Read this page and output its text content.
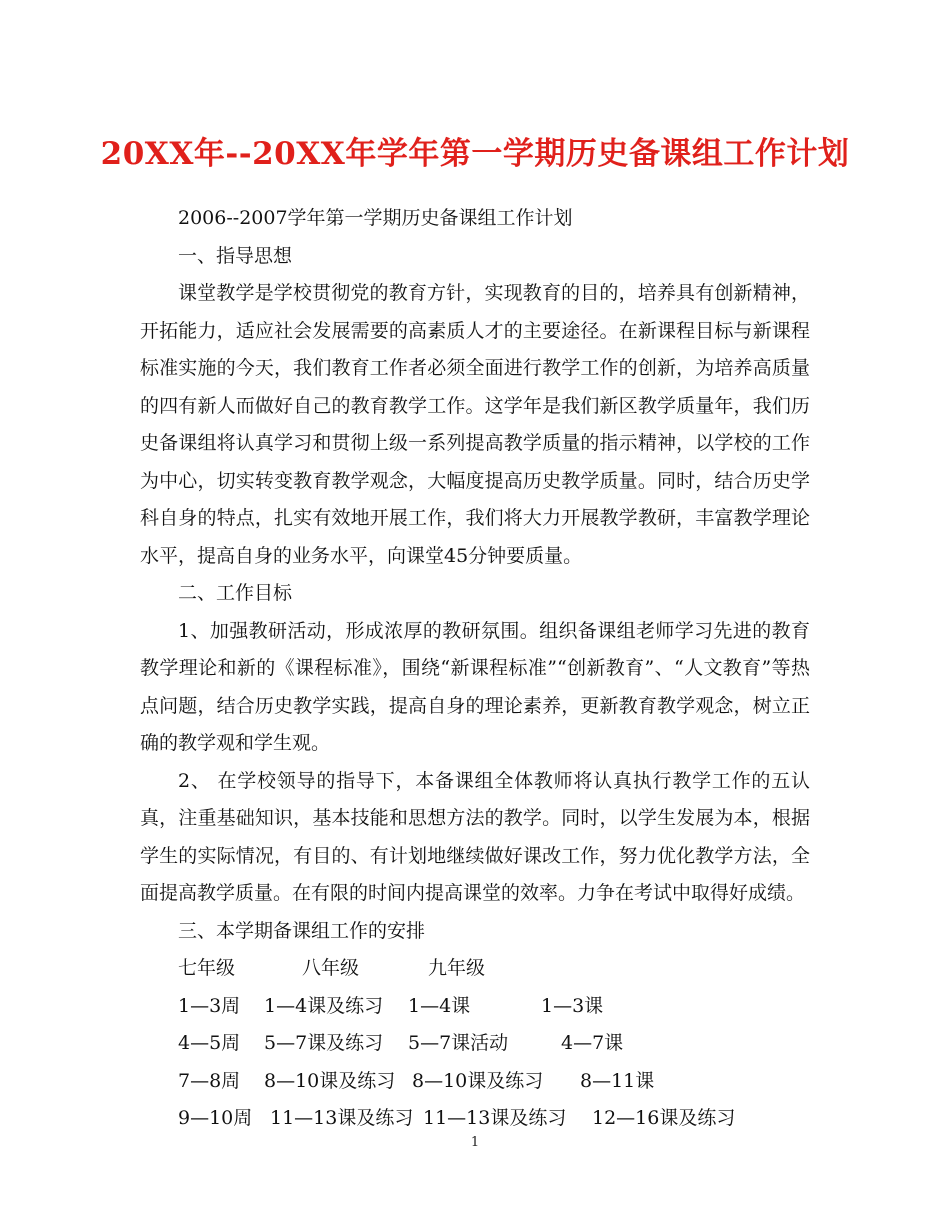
20XX年--20XX年学年第一学期历史备课组工作计划

2006--2007学年第一学期历史备课组工作计划

一、指导思想

课堂教学是学校贯彻党的教育方针，实现教育的目的，培养具有创新精神，开拓能力，适应社会发展需要的高素质人才的主要途径。在新课程目标与新课程标准实施的今天，我们教育工作者必须全面进行教学工作的创新，为培养高质量的四有新人而做好自己的教育教学工作。这学年是我们新区教学质量年，我们历史备课组将认真学习和贯彻上级一系列提高教学质量的指示精神，以学校的工作为中心，切实转变教育教学观念，大幅度提高历史教学质量。同时，结合历史学科自身的特点，扎实有效地开展工作，我们将大力开展教学教研，丰富教学理论水平，提高自身的业务水平，向课堂45分钟要质量。

二、工作目标

1、加强教研活动，形成浓厚的教研氛围。组织备课组老师学习先进的教育教学理论和新的《课程标准》，围绕“新课程标准”“创新教育”、“人文教育”等热点问题，结合历史教学实践，提高自身的理论素养，更新教育教学观念，树立正确的教学观和学生观。

2、 在学校领导的指导下，本备课组全体教师将认真执行教学工作的五认真，注重基础知识，基本技能和思想方法的教学。同时，以学生发展为本，根据学生的实际情况，有目的、有计划地继续做好课改工作，努力优化教学方法，全面提高教学质量。在有限的时间内提高课堂的效率。力争在考试中取得好成绩。

三、本学期备课组工作的安排

七年级	八年级	九年级
1—3周 1—4课及练习 1—4课	1—3课
4—5周 5—7课及练习 5—7课活动	4—7课
7—8周 8—10课及练习 8—10课及练习 8—11课
9—10周 11—13课及练习 11—13课及练习 12—16课及练习
1
